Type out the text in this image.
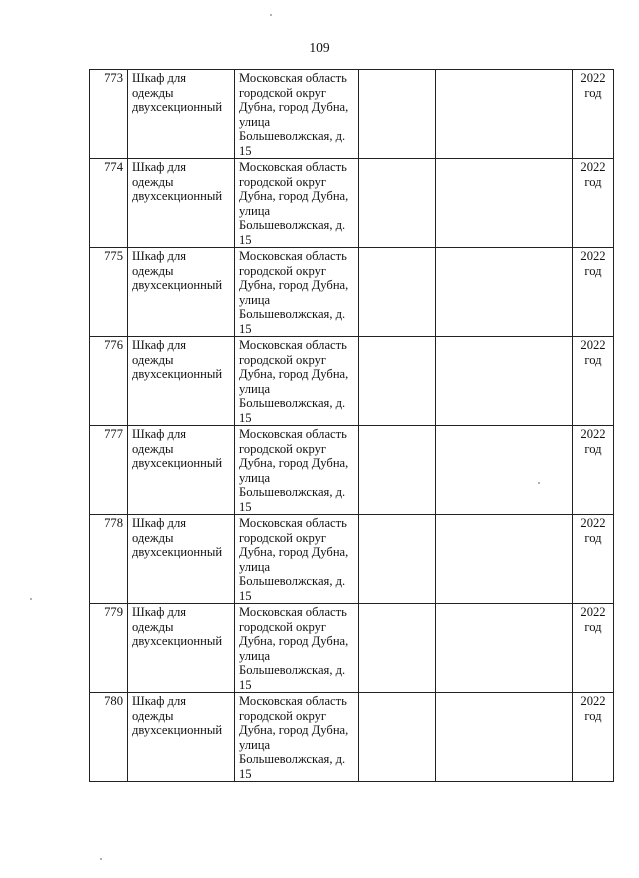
109
773	Шкаф для одежды двухсекционный	Московская область городской округ Дубна, город Дубна, улица Большеволжская, д. 15			2022
год

774	Шкаф для одежды двухсекционный	Московская область городской округ Дубна, город Дубна, улица Большеволжская, д. 15			2022
год

775	Шкаф для одежды двухсекционный	Московская область городской округ Дубна, город Дубна, улица Большеволжская, д. 15			2022
год

776	Шкаф для одежды двухсекционный	Московская область городской округ Дубна, город Дубна, улица Большеволжская, д. 15			2022
год

777	Шкаф для одежды двухсекционный	Московская область городской округ Дубна, город Дубна, улица Большеволжская, д. 15			2022
год

778	Шкаф для одежды двухсекционный	Московская область городской округ Дубна, город Дубна, улица Большеволжская, д. 15			2022
год

779	Шкаф для одежды двухсекционный	Московская область городской округ Дубна, город Дубна, улица Большеволжская, д. 15			2022
год

780	Шкаф для одежды двухсекционный	Московская область городской округ Дубна, город Дубна, улица Большеволжская, д. 15			2022
год
